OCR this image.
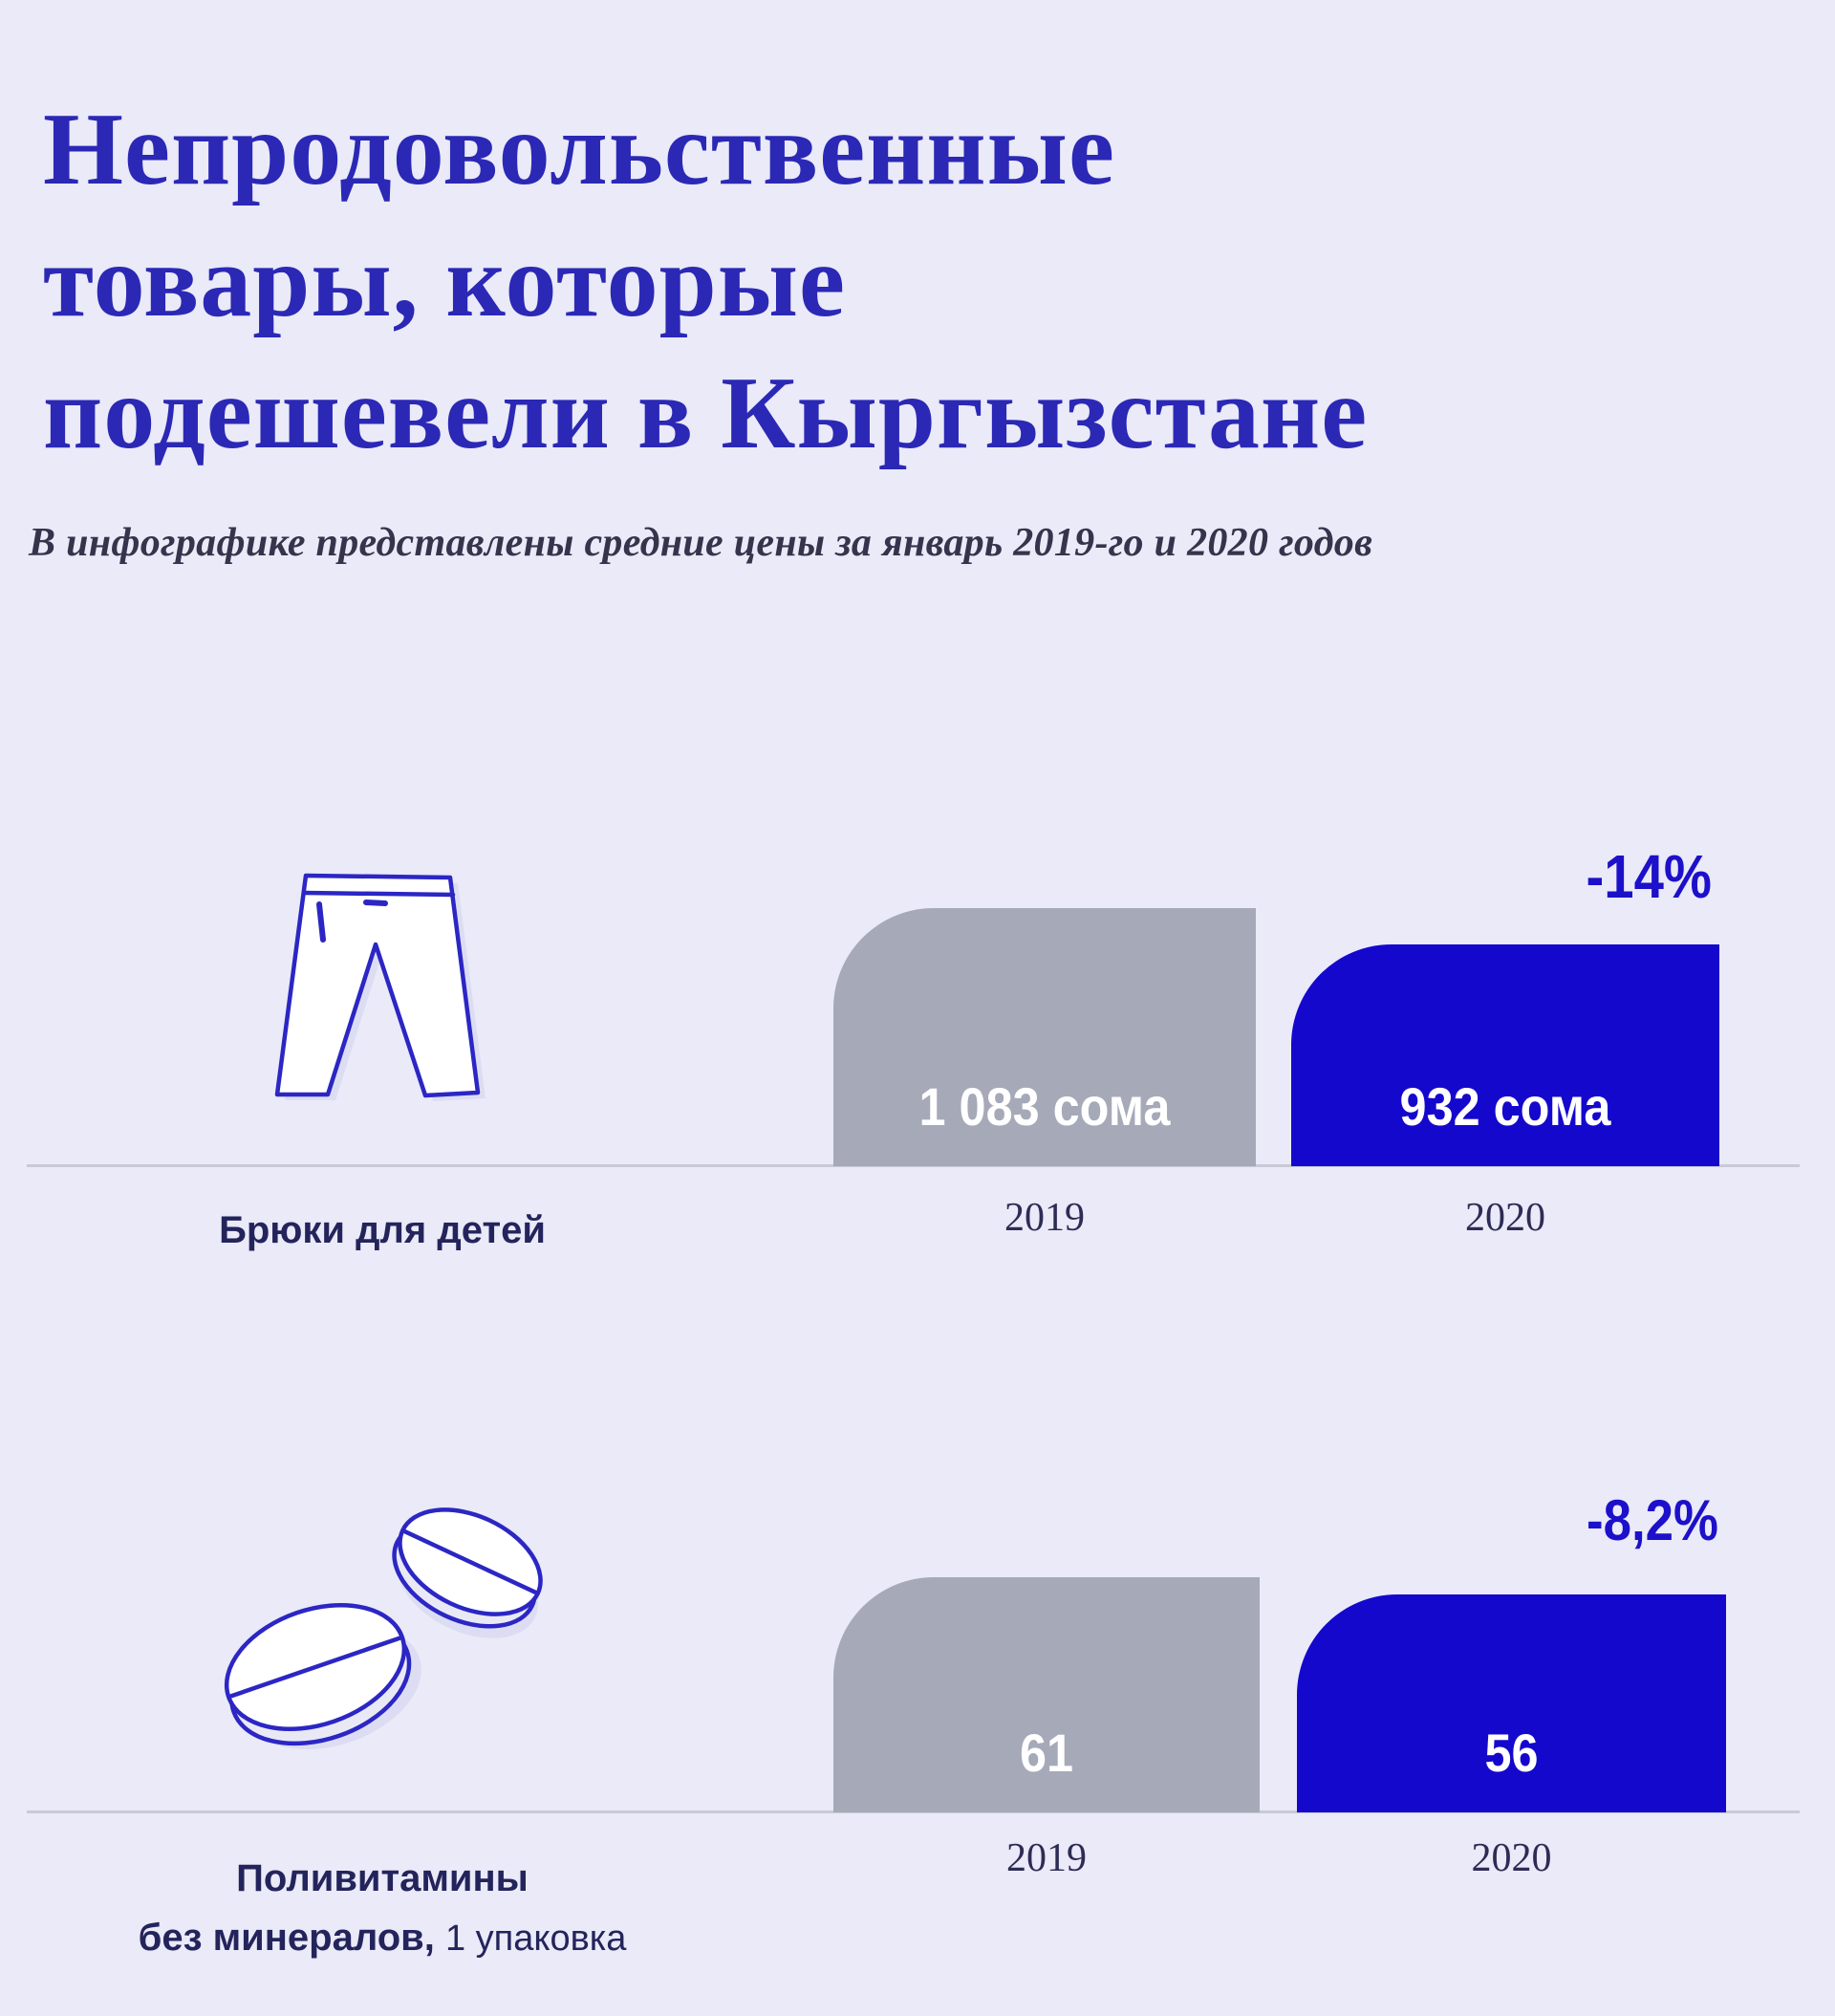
Непродовольственные
товары, которые
подешевели в Кыргызстане

В инфографике представлены средние цены за январь 2019-го и 2020 годов

1 083 сома	932 сома
-14%
2019	2020
Брюки для детей
61	56
-8,2%
2019	2020
Поливитамины
без минералов, 1 упаковка
